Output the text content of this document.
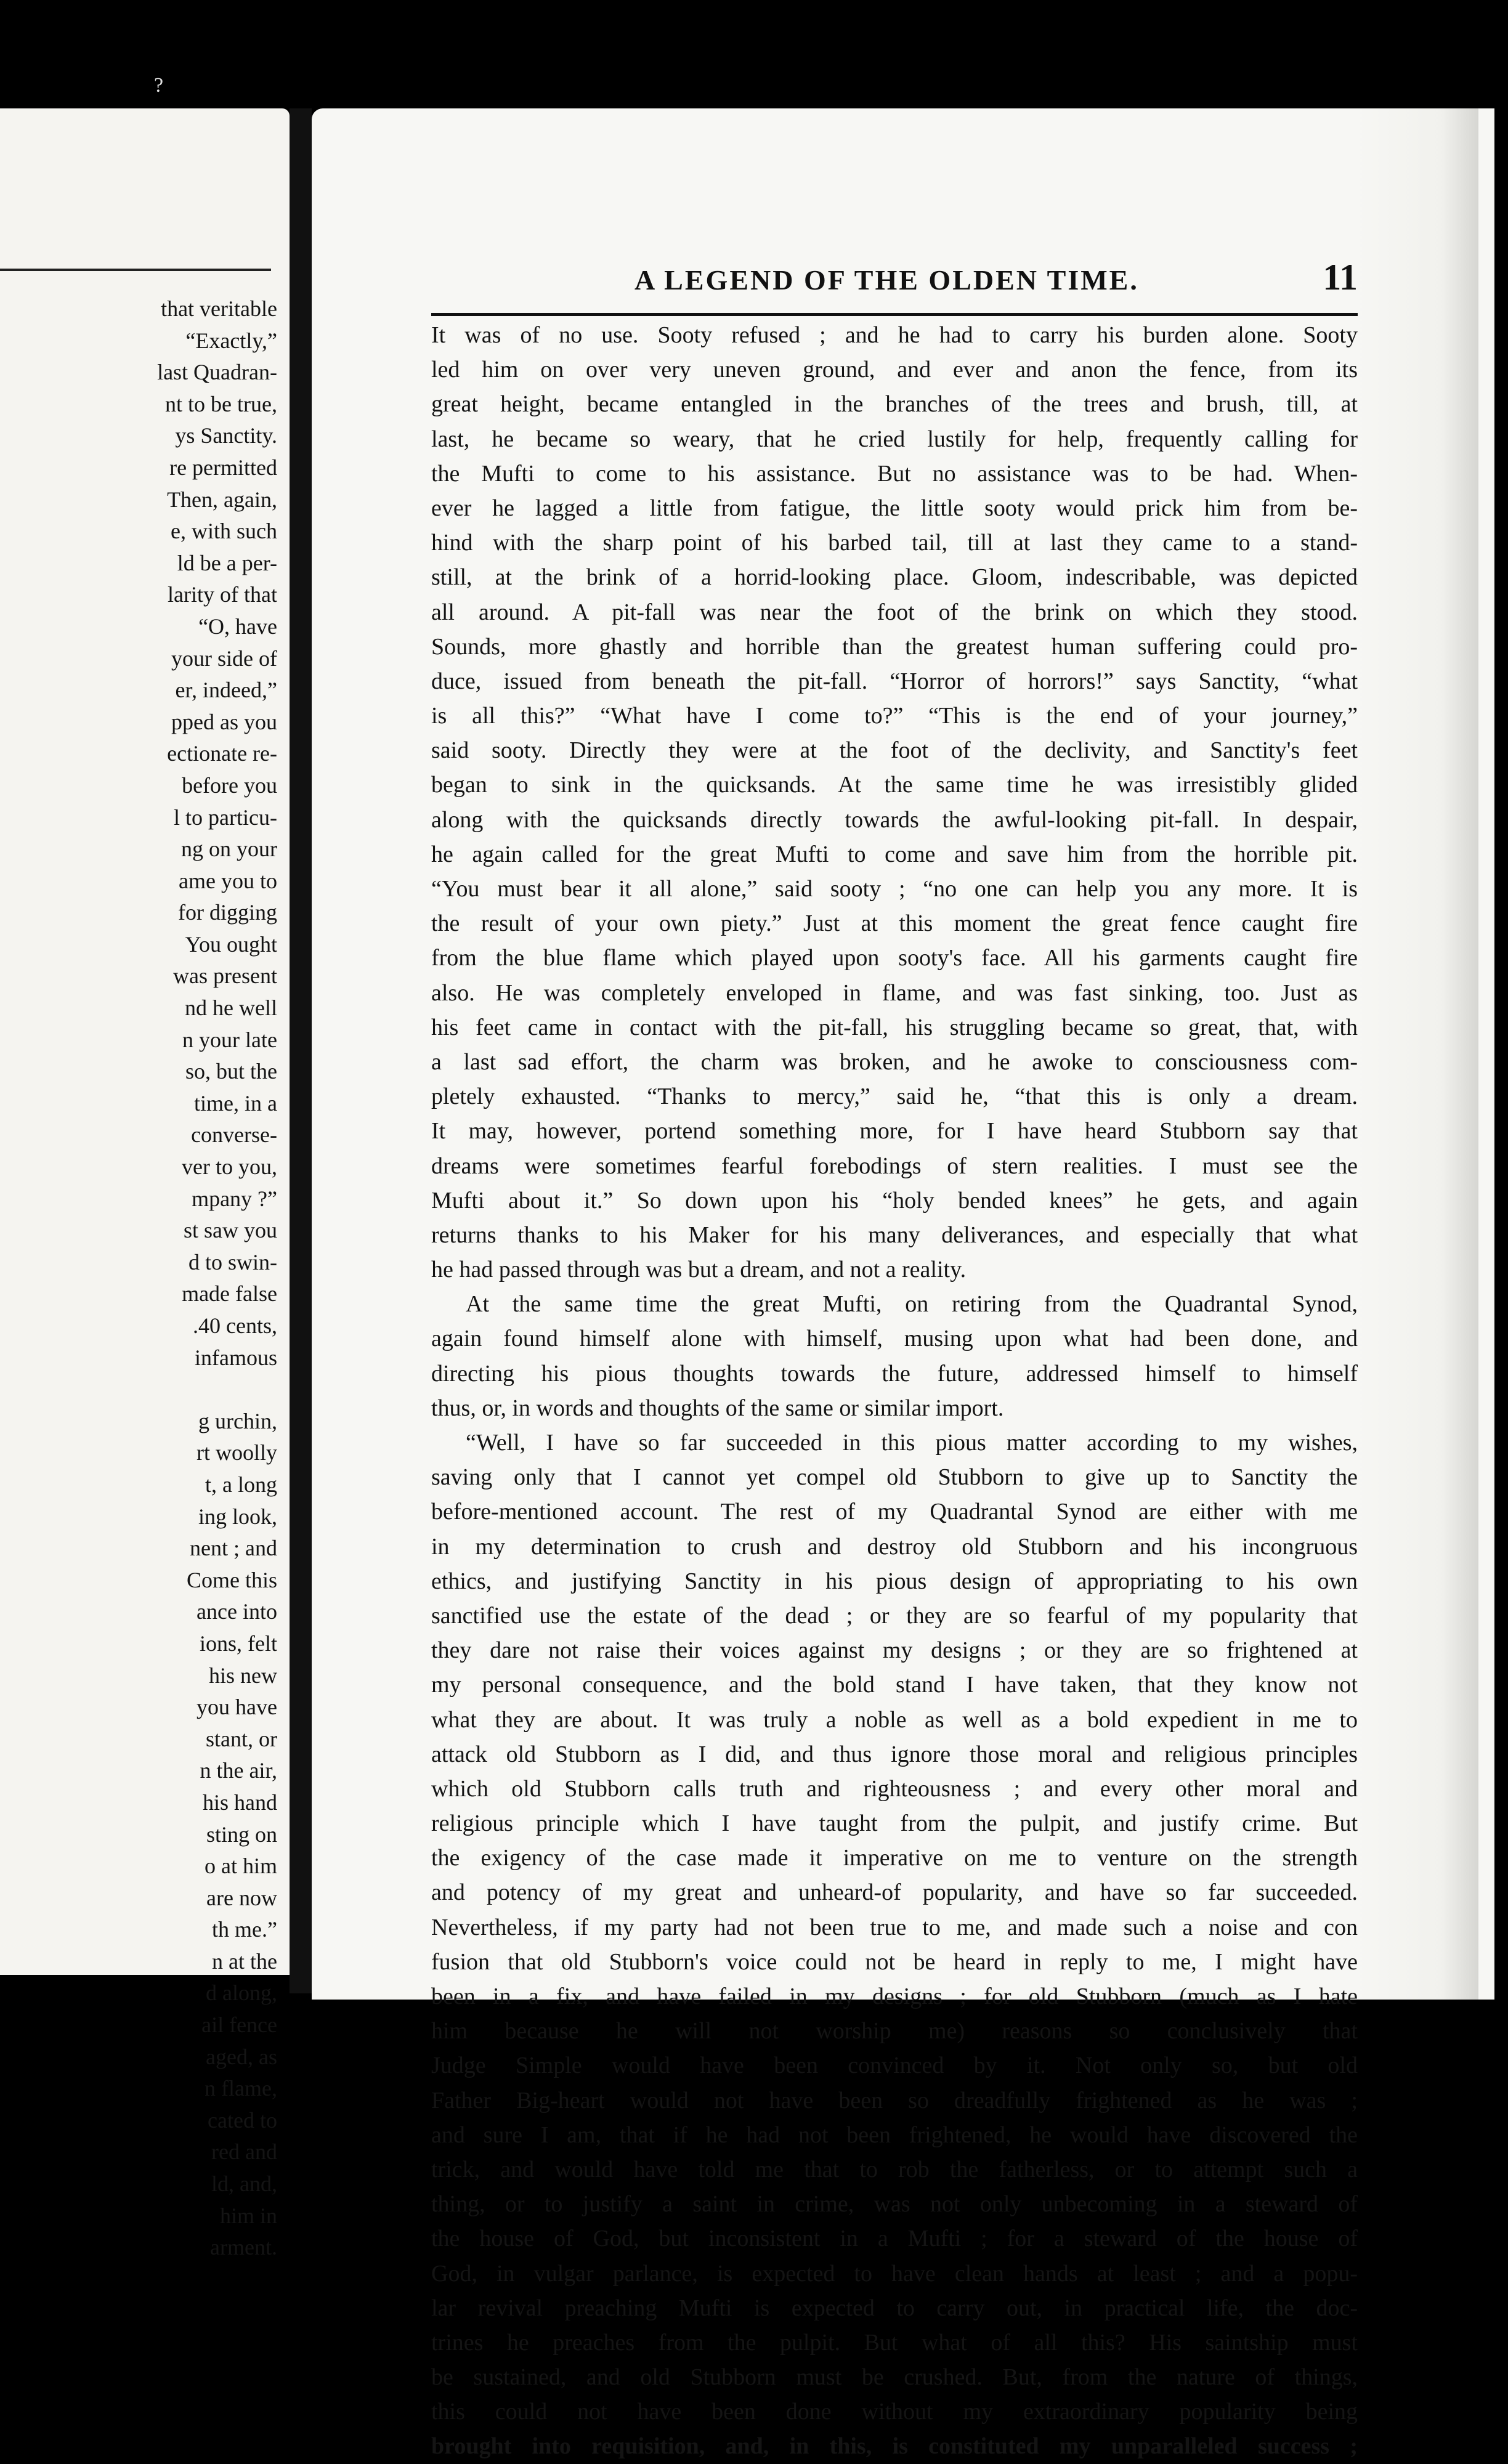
?
that veritable
“Exactly,”
last Quadran-
nt to be true,
ys Sanctity.
re permitted
Then, again,
e, with such
ld be a per-
larity of that
“O, have
your side of
er, indeed,”
pped as you
ectionate re-
before you
l to particu-
ng on your
ame you to
for digging
You ought
was present
nd he well
n your late
so, but the
time, in a
converse-
ver to you,
mpany ?”
st saw you
d to swin-
made false
.40 cents,
infamous
g urchin,
rt woolly
t, a long
ing look,
nent ; and
Come this
ance into
ions, felt
his new
you have
stant, or
n the air,
his hand
sting on
o at him
are now
th me.”
n at the
d along,
ail fence
aged, as
n flame,
cated to
red and
ld, and,
him in
arment.
A LEGEND OF THE OLDEN TIME.	11
It was of no use. Sooty refused ; and he had to carry his burden alone. Sooty
led him on over very uneven ground, and ever and anon the fence, from its
great height, became entangled in the branches of the trees and brush, till, at
last, he became so weary, that he cried lustily for help, frequently calling for
the Mufti to come to his assistance. But no assistance was to be had. When-
ever he lagged a little from fatigue, the little sooty would prick him from be-
hind with the sharp point of his barbed tail, till at last they came to a stand-
still, at the brink of a horrid-looking place. Gloom, indescribable, was depicted
all around. A pit-fall was near the foot of the brink on which they stood.
Sounds, more ghastly and horrible than the greatest human suffering could pro-
duce, issued from beneath the pit-fall. “Horror of horrors!” says Sanctity, “what
is all this?” “What have I come to?” “This is the end of your journey,”
said sooty. Directly they were at the foot of the declivity, and Sanctity's feet
began to sink in the quicksands. At the same time he was irresistibly glided
along with the quicksands directly towards the awful-looking pit-fall. In despair,
he again called for the great Mufti to come and save him from the horrible pit.
“You must bear it all alone,” said sooty ; “no one can help you any more. It is
the result of your own piety.” Just at this moment the great fence caught fire
from the blue flame which played upon sooty's face. All his garments caught fire
also. He was completely enveloped in flame, and was fast sinking, too. Just as
his feet came in contact with the pit-fall, his struggling became so great, that, with
a last sad effort, the charm was broken, and he awoke to consciousness com-
pletely exhausted. “Thanks to mercy,” said he, “that this is only a dream.
It may, however, portend something more, for I have heard Stubborn say that
dreams were sometimes fearful forebodings of stern realities. I must see the
Mufti about it.” So down upon his “holy bended knees” he gets, and again
returns thanks to his Maker for his many deliverances, and especially that what
he had passed through was but a dream, and not a reality.
At the same time the great Mufti, on retiring from the Quadrantal Synod,
again found himself alone with himself, musing upon what had been done, and
directing his pious thoughts towards the future, addressed himself to himself
thus, or, in words and thoughts of the same or similar import.
“Well, I have so far succeeded in this pious matter according to my wishes,
saving only that I cannot yet compel old Stubborn to give up to Sanctity the
before-mentioned account. The rest of my Quadrantal Synod are either with me
in my determination to crush and destroy old Stubborn and his incongruous
ethics, and justifying Sanctity in his pious design of appropriating to his own
sanctified use the estate of the dead ; or they are so fearful of my popularity that
they dare not raise their voices against my designs ; or they are so frightened at
my personal consequence, and the bold stand I have taken, that they know not
what they are about. It was truly a noble as well as a bold expedient in me to
attack old Stubborn as I did, and thus ignore those moral and religious principles
which old Stubborn calls truth and righteousness ; and every other moral and
religious principle which I have taught from the pulpit, and justify crime. But
the exigency of the case made it imperative on me to venture on the strength
and potency of my great and unheard-of popularity, and have so far succeeded.
Nevertheless, if my party had not been true to me, and made such a noise and con
fusion that old Stubborn's voice could not be heard in reply to me, I might have
been in a fix, and have failed in my designs ; for old Stubborn (much as I hate
him because he will not worship me) reasons so conclusively that
Judge Simple would have been convinced by it. Not only so, but old
Father Big-heart would not have been so dreadfully frightened as he was ;
and sure I am, that if he had not been frightened, he would have discovered the
trick, and would have told me that to rob the fatherless, or to attempt such a
thing, or to justify a saint in crime, was not only unbecoming in a steward of
the house of God, but inconsistent in a Mufti ; for a steward of the house of
God, in vulgar parlance, is expected to have clean hands at least ; and a popu-
lar revival preaching Mufti is expected to carry out, in practical life, the doc-
trines he preaches from the pulpit. But what of all this? His saintship must
be sustained, and old Stubborn must be crushed. But, from the nature of things,
this could not have been done without my extraordinary popularity being
brought into requisition, and, in this, is constituted my unparalleled success ;
